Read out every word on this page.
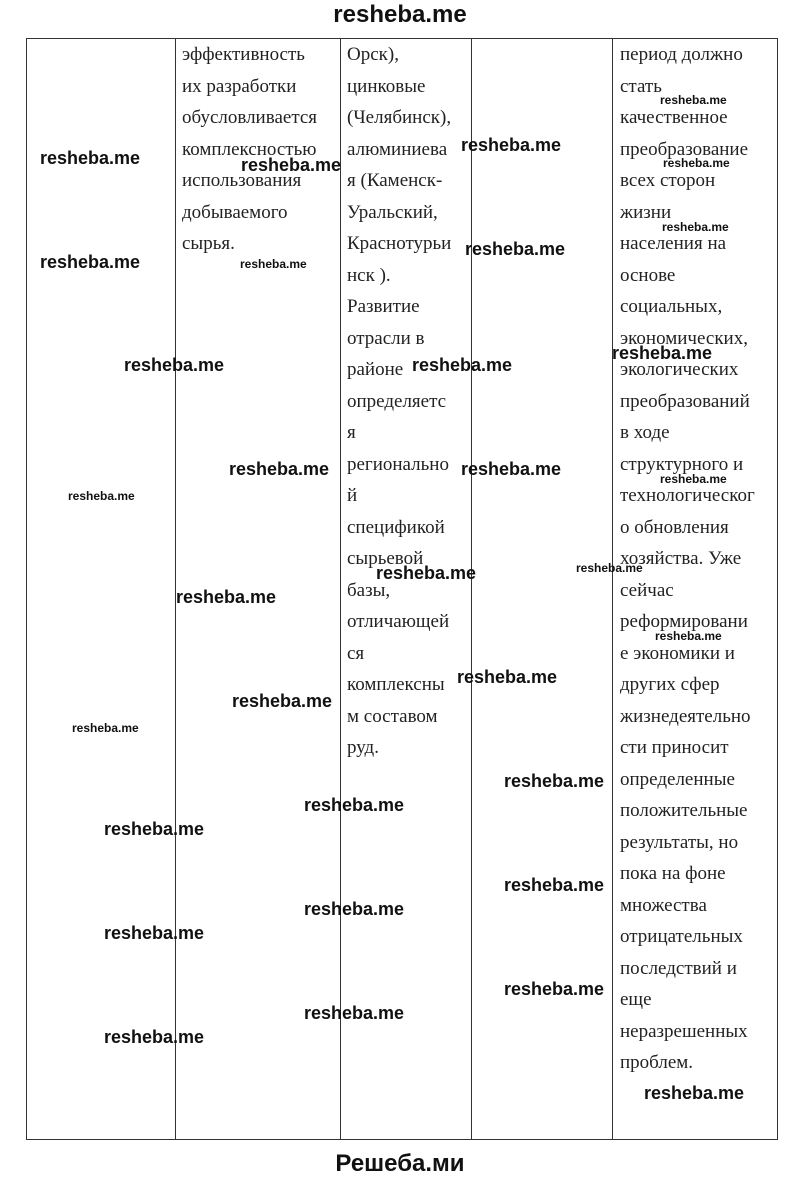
resheba.me
эффективность
их разработки
обусловливается
комплексностью
использования
добываемого
сырья.
Орск),
цинковые
(Челябинск),
алюминиева
я (Каменск-
Уральский,
Краснотурьи
нск ).
Развитие
отрасли в
районе
определяетс
я
регионально
й
спецификой
сырьевой
базы,
отличающей
ся
комплексны
м составом
руд.
период должно
стать
качественное
преобразование
всех сторон
жизни
населения на
основе
социальных,
экономических,
экологических
преобразований
в ходе
структурного и
технологическог
о обновления
хозяйства. Уже
сейчас
реформировани
е экономики и
других сфер
жизнедеятельно
сти приносит
определенные
положительные
результаты, но
пока на фоне
множества
отрицательных
последствий и
еще
неразрешенных
проблем.
resheba.me
resheba.me	resheba.me
resheba.me
resheba.me
resheba.me
resheba.me	resheba.me
resheba.me
resheba.me	resheba.me
resheba.me
resheba.me	resheba.me	resheba.me
resheba.me
resheba.me	resheba.me
resheba.me
resheba.me
resheba.me
resheba.me
resheba.me
resheba.me
resheba.me
resheba.me
resheba.me
resheba.me
resheba.me
resheba.me
resheba.me
resheba.me
resheba.me
Решеба.ми
